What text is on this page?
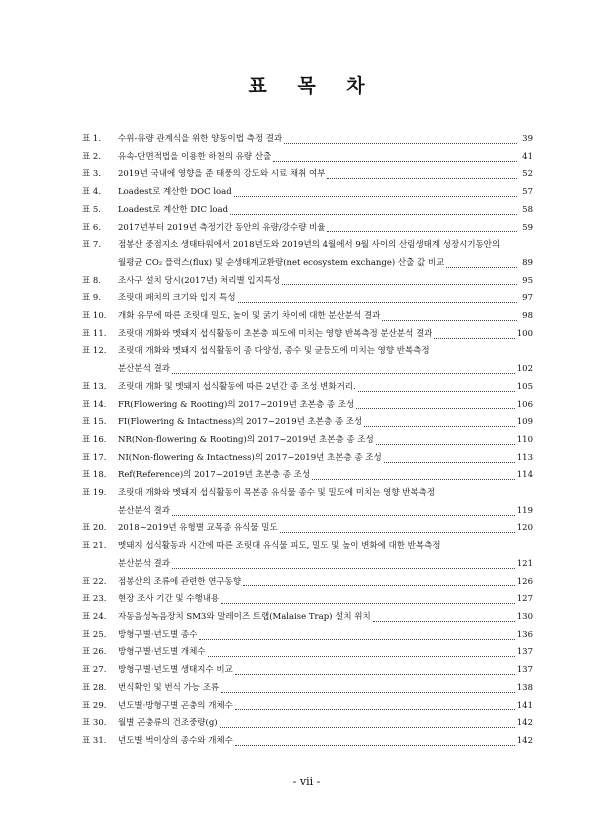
표 목 차
표 1.	수위-유량 관계식을 위한 양동이법 측정 결과	39
표 2.	유속-단면적법을 이용한 하천의 유량 산출	41
표 3.	2019년 국내에 영향을 준 태풍의 강도와 시료 채취 여부	52
표 4.	Loadest로 계산한 DOC load	57
표 5.	Loadest로 계산한 DIC load	58
표 6.	2017년부터 2019년 측정기간 동안의 유량/강수량 비율	59
표 7.	점봉산 중점지소 생태타워에서 2018년도와 2019년의 4월에서 9월 사이의 산림생태계 성장시기동안의
월평균 CO₂ 플럭스(flux) 및 순생태계교환량(net ecosystem exchange) 산출 값 비교	89
표 8.	조사구 설치 당시(2017년) 처리별 입지특성	95
표 9.	조릿대 패치의 크기와 입지 특성	97
표 10.	개화 유무에 따른 조릿대 밀도, 높이 및 굵기 차이에 대한 분산분석 결과	98
표 11.	조릿대 개화와 멧돼지 섭식활동이 초본층 피도에 미치는 영향 반복측정 분산분석 결과	100
표 12.	조릿대 개화와 멧돼지 섭식활동이 종 다양성, 종수 및 균등도에 미치는 영향 반복측정
분산분석 결과	102
표 13.	조릿대 개화 및 멧돼지 섭식활동에 따른 2년간 종 조성 변화거리.	105
표 14.	FR(Flowering & Rooting)의 2017~2019년 초본층 종 조성	106
표 15.	FI(Flowering & Intactness)의 2017~2019년 초본층 종 조성	109
표 16.	NR(Non-flowering & Rooting)의 2017~2019년 초본층 종 조성	110
표 17.	NI(Non-flowering & Intactness)의 2017~2019년 초본층 종 조성	113
표 18.	Ref(Reference)의 2017~2019년 초본층 종 조성	114
표 19.	조릿대 개화와 멧돼지 섭식활동이 목본종 유식물 종수 및 밀도에 미치는 영향 반복측정
분산분석 결과	119
표 20.	2018~2019년 유형별 교목종 유식물 밀도	120
표 21.	멧돼지 섭식활동과 시간에 따른 조릿대 유식물 피도, 밀도 및 높이 변화에 대한 반복측정
분산분석 결과	121
표 22.	점봉산의 조류에 관련한 연구동향	126
표 23.	현장 조사 기간 및 수행내용	127
표 24.	자동음성녹음장치 SM3와 말레이즈 트랩(Malaise Trap) 설치 위치	130
표 25.	방형구별·년도별 종수	136
표 26.	방형구별·년도별 개체수	137
표 27.	방형구별·년도별 생태지수 비교	137
표 28.	번식확인 및 번식 가능 조류	138
표 29.	년도별·방형구별 곤충의 개체수	141
표 30.	월별 곤충류의 건조중량(g)	142
표 31.	년도별 벅이상의 종수와 개체수	142
- vii -
